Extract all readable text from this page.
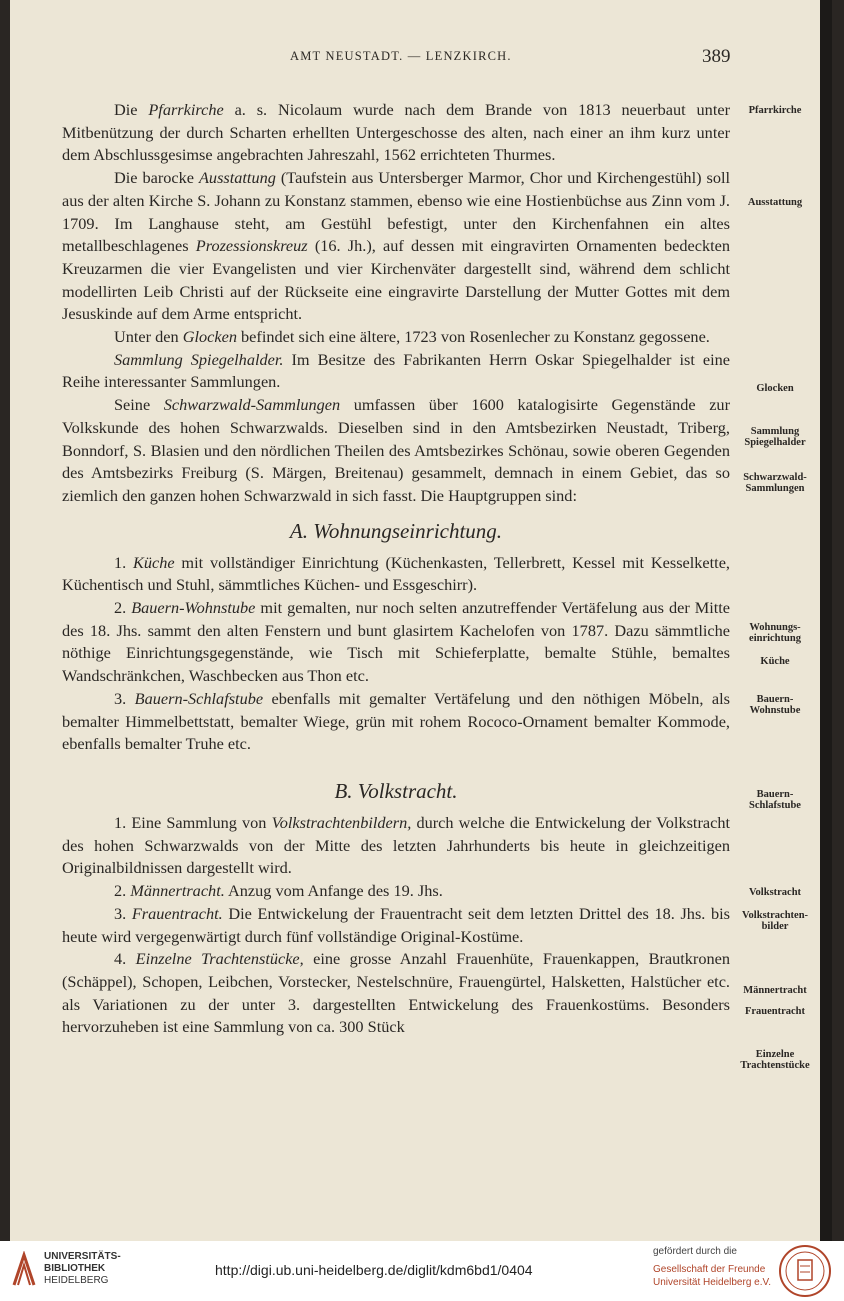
AMT NEUSTADT. — LENZKIRCH.	389

Die Pfarrkirche a. s. Nicolaum wurde nach dem Brande von 1813 neuerbaut unter Mitbenützung der durch Scharten erhellten Untergeschosse des alten, nach einer an ihm kurz unter dem Abschlussgesimse angebrachten Jahreszahl, 1562 errichteten Thurmes.

Die barocke Ausstattung (Taufstein aus Untersberger Marmor, Chor und Kirchengestühl) soll aus der alten Kirche S. Johann zu Konstanz stammen, ebenso wie eine Hostienbüchse aus Zinn vom J. 1709. Im Langhause steht, am Gestühl befestigt, unter den Kirchenfahnen ein altes metallbeschlagenes Prozessionskreuz (16. Jh.), auf dessen mit eingravirten Ornamenten bedeckten Kreuzarmen die vier Evangelisten und vier Kirchenväter dargestellt sind, während dem schlicht modellirten Leib Christi auf der Rückseite eine eingravirte Darstellung der Mutter Gottes mit dem Jesuskinde auf dem Arme entspricht.

Unter den Glocken befindet sich eine ältere, 1723 von Rosenlecher zu Konstanz gegossene.

Sammlung Spiegelhalder. Im Besitze des Fabrikanten Herrn Oskar Spiegelhalder ist eine Reihe interessanter Sammlungen.

Seine Schwarzwald-Sammlungen umfassen über 1600 katalogisirte Gegenstände zur Volkskunde des hohen Schwarzwalds. Dieselben sind in den Amtsbezirken Neustadt, Triberg, Bonndorf, S. Blasien und den nördlichen Theilen des Amtsbezirkes Schönau, sowie oberen Gegenden des Amtsbezirks Freiburg (S. Märgen, Breitenau) gesammelt, demnach in einem Gebiet, das so ziemlich den ganzen hohen Schwarzwald in sich fasst. Die Hauptgruppen sind:

A. Wohnungseinrichtung.

1. Küche mit vollständiger Einrichtung (Küchenkasten, Tellerbrett, Kessel mit Kesselkette, Küchentisch und Stuhl, sämmtliches Küchen- und Essgeschirr).

2. Bauern-Wohnstube mit gemalten, nur noch selten anzutreffender Vertäfelung aus der Mitte des 18. Jhs. sammt den alten Fenstern und bunt glasirtem Kachelofen von 1787. Dazu sämmtliche nöthige Einrichtungsgegenstände, wie Tisch mit Schieferplatte, bemalte Stühle, bemaltes Wandschränkchen, Waschbecken aus Thon etc.

3. Bauern-Schlafstube ebenfalls mit gemalter Vertäfelung und den nöthigen Möbeln, als bemalter Himmelbettstatt, bemalter Wiege, grün mit rohem Rococo-Ornament bemalter Kommode, ebenfalls bemalter Truhe etc.

B. Volkstracht.

1. Eine Sammlung von Volkstrachtenbildern, durch welche die Entwickelung der Volkstracht des hohen Schwarzwalds von der Mitte des letzten Jahrhunderts bis heute in gleichzeitigen Originalbildnissen dargestellt wird.

2. Männertracht. Anzug vom Anfange des 19. Jhs.

3. Frauentracht. Die Entwickelung der Frauentracht seit dem letzten Drittel des 18. Jhs. bis heute wird vergegenwärtigt durch fünf vollständige Original-Kostüme.

4. Einzelne Trachtenstücke, eine grosse Anzahl Frauenhüte, Frauenkappen, Brautkronen (Schäppel), Schopen, Leibchen, Vorstecker, Nestelschnüre, Frauengürtel, Halsketten, Halstücher etc. als Variationen zu der unter 3. dargestellten Entwickelung des Frauenkostüms. Besonders hervorzuheben ist eine Sammlung von ca. 300 Stück

Pfarrkirche
Ausstattung
Glocken
Sammlung
Spiegelhalder
Schwarzwald-
Sammlungen
Wohnungs-
einrichtung
Küche
Bauern-
Wohnstube
Bauern-
Schlafstube
Volkstracht
Volkstrachten-
bilder
Männertracht
Frauentracht
Einzelne
Trachtenstücke
UNIVERSITÄTS-
BIBLIOTHEK
HEIDELBERG
http://digi.ub.uni-heidelberg.de/diglit/kdm6bd1/0404
gefördert durch die
Gesellschaft der Freunde
Universität Heidelberg e.V.
